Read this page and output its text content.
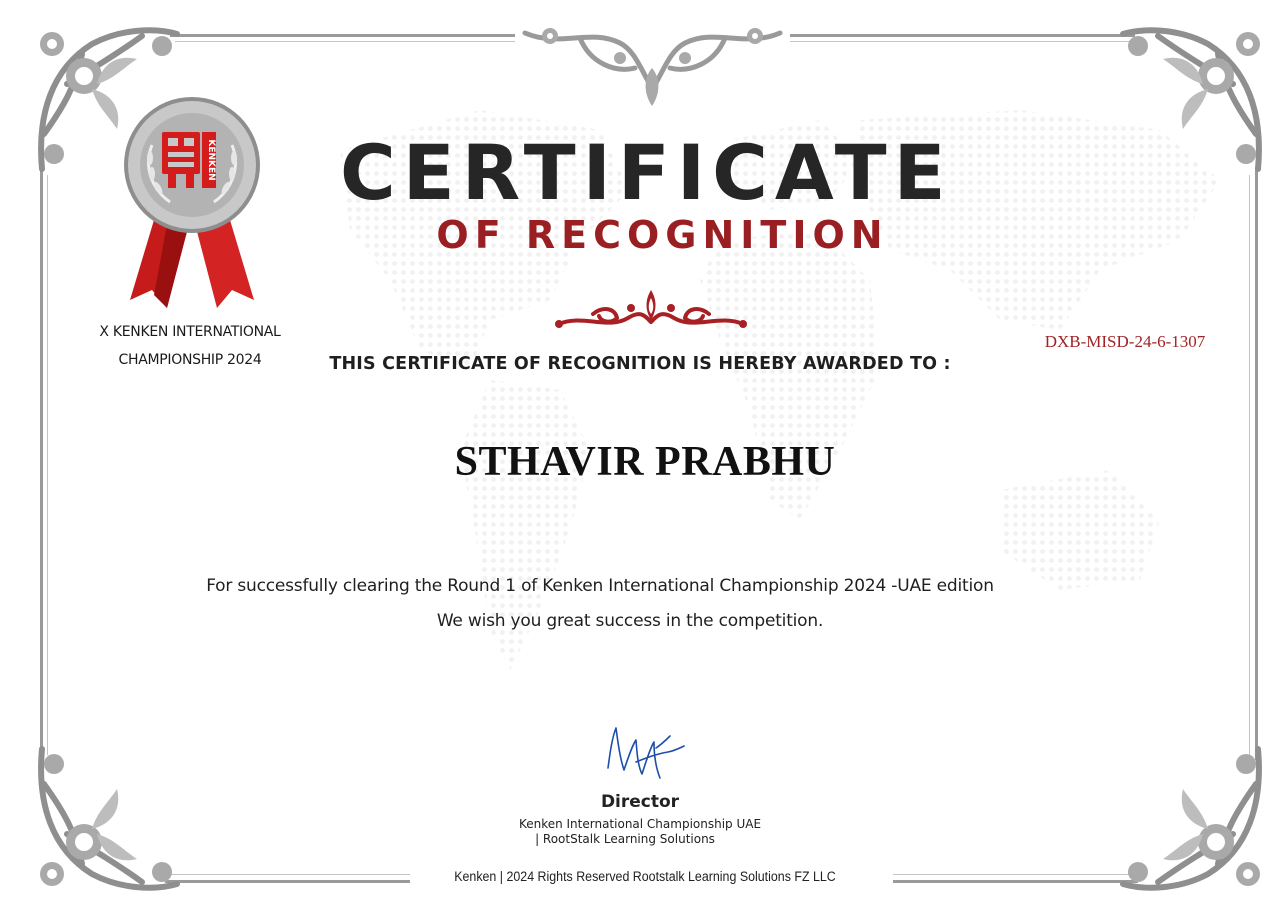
KENKEN
X KENKEN INTERNATIONAL
CHAMPIONSHIP 2024
CERTIFICATE
OF RECOGNITION
DXB-MISD-24-6-1307
THIS CERTIFICATE OF RECOGNITION IS HEREBY AWARDED TO :
STHAVIR PRABHU
For successfully clearing the Round 1 of Kenken International Championship 2024 -UAE edition
We wish you great success in the competition.
Director
Kenken International Championship UAE
| RootStalk Learning Solutions
Kenken | 2024 Rights Reserved Rootstalk Learning Solutions FZ LLC
